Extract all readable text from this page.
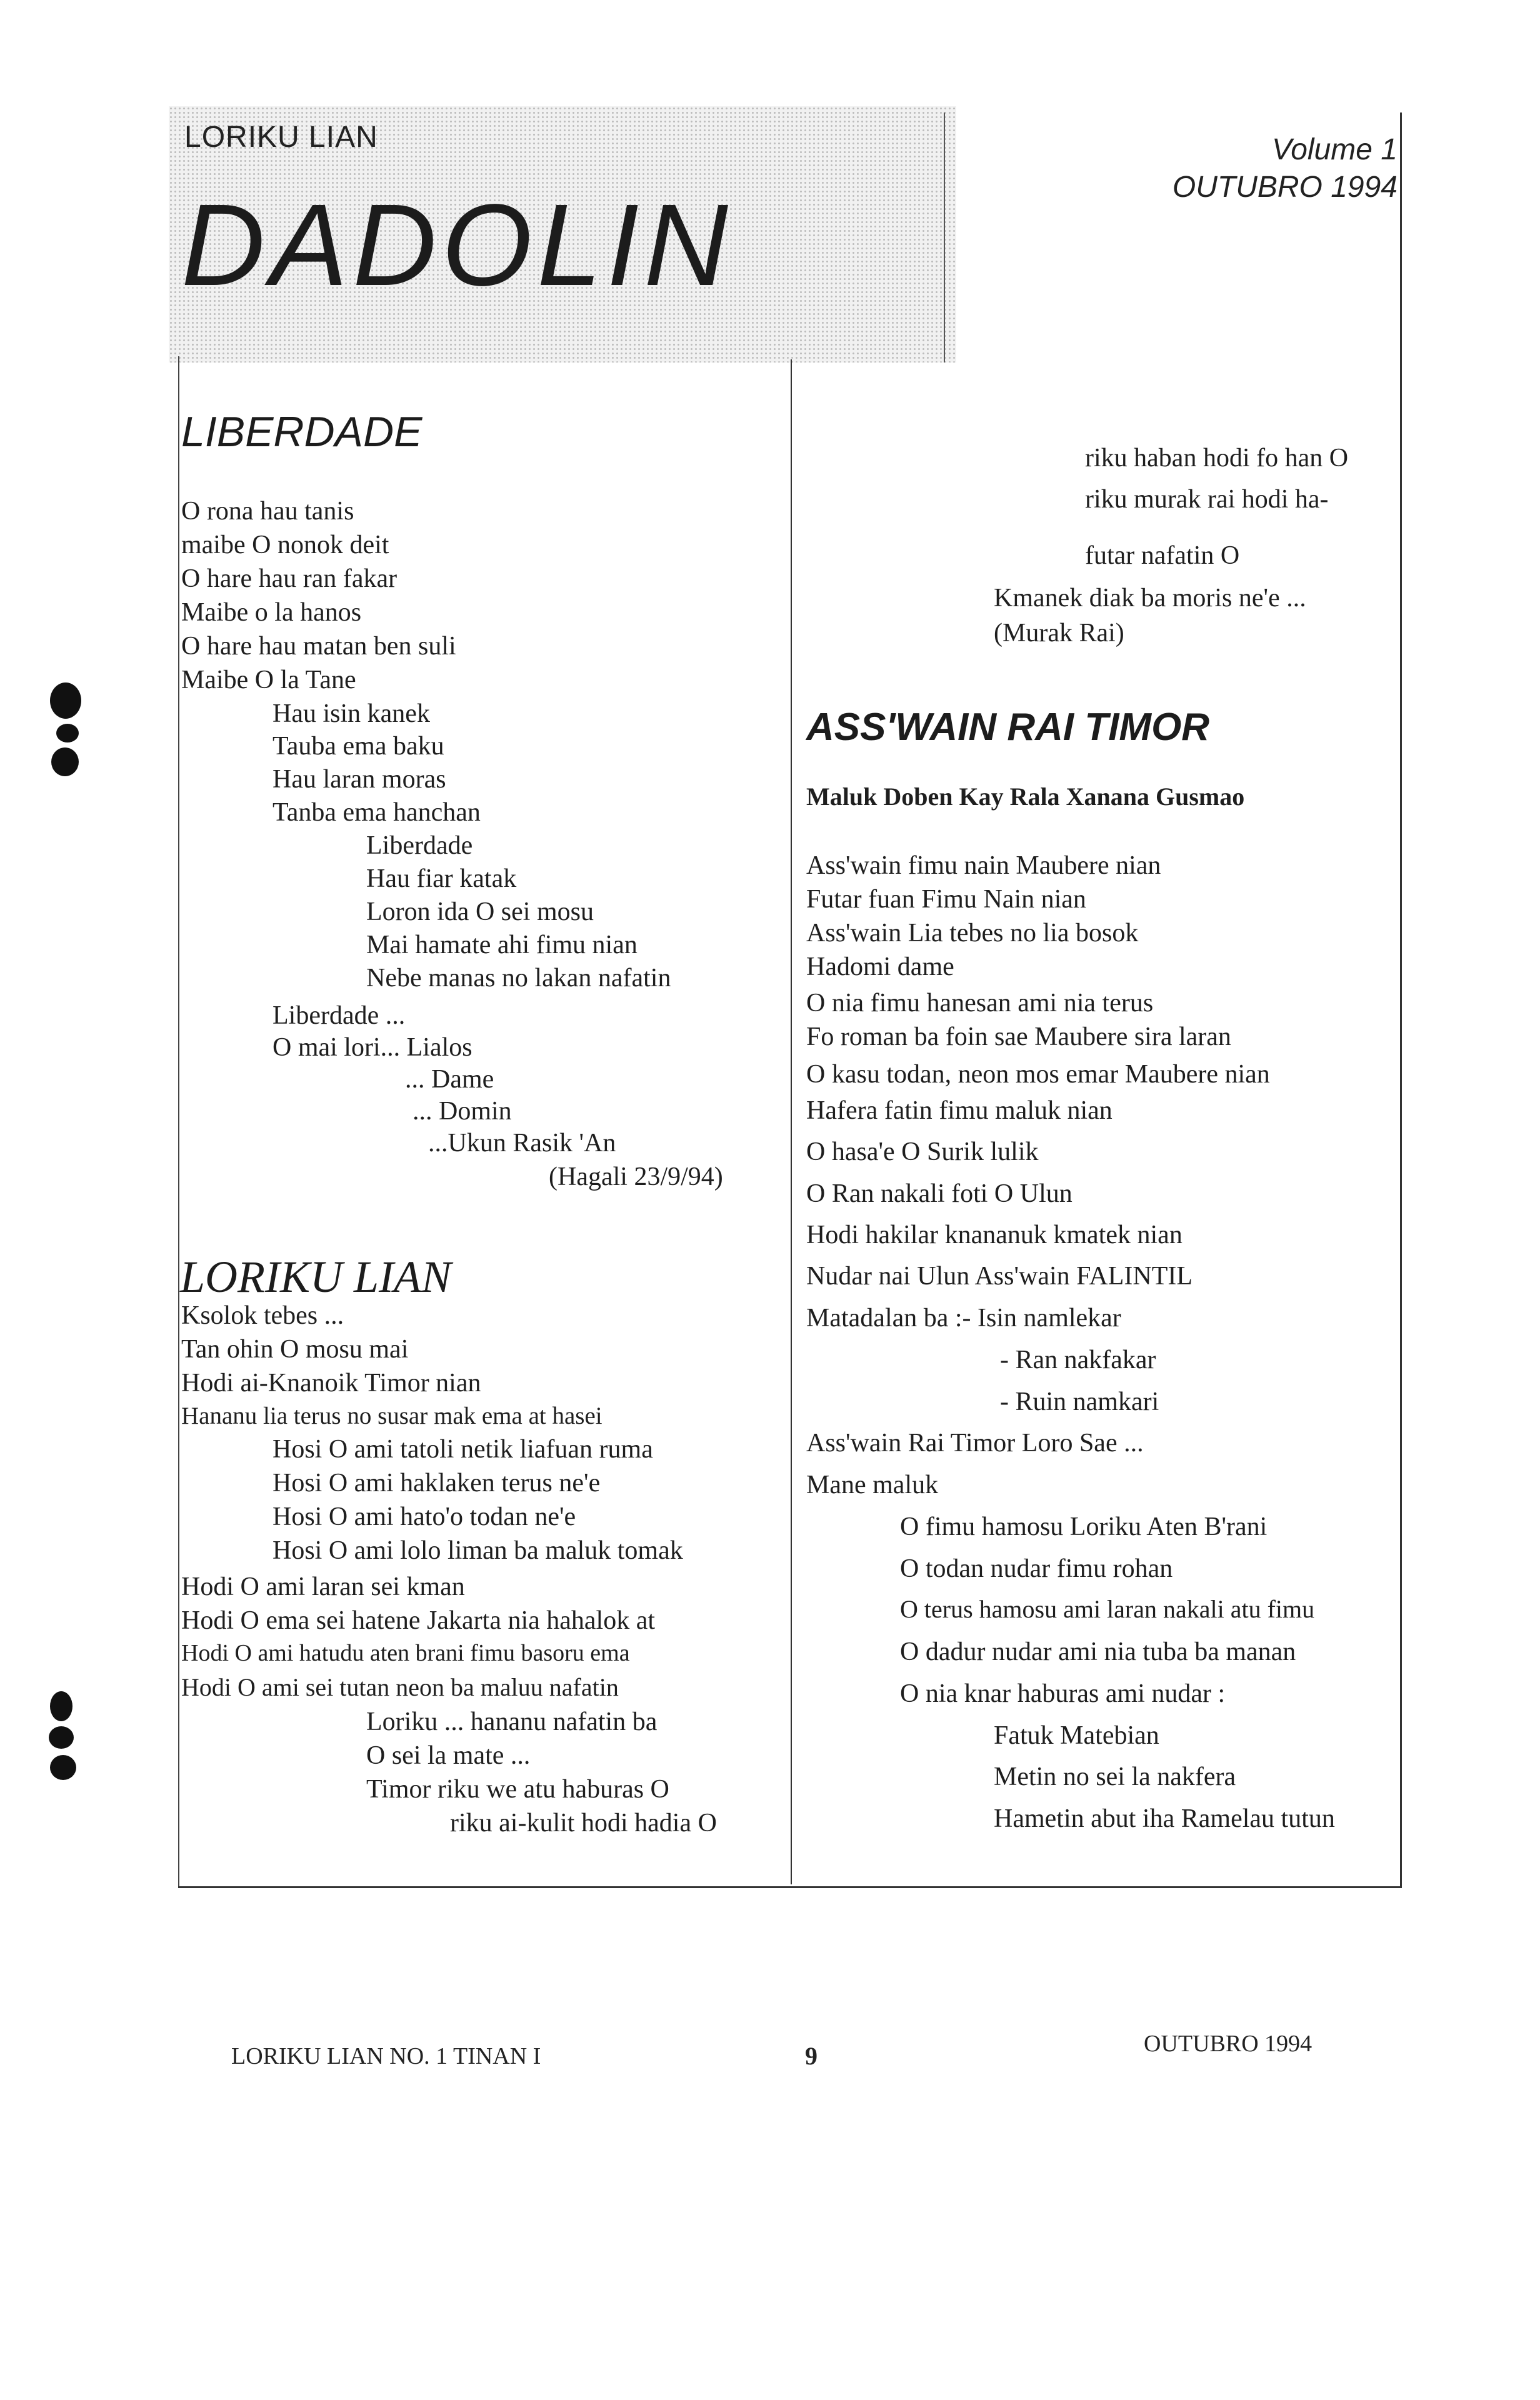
LORIKU LIAN
DADOLIN
Volume 1
OUTUBRO 1994
LIBERDADE
O rona hau tanis
maibe O nonok deit
O hare hau ran fakar
Maibe o la hanos
O hare hau matan ben suli
Maibe O la Tane
Hau isin kanek
Tauba ema baku
Hau laran moras
Tanba ema hanchan
Liberdade
Hau fiar katak
Loron ida O sei mosu
Mai hamate ahi fimu nian
Nebe manas no lakan nafatin
Liberdade ...
O mai lori... Lialos
... Dame
... Domin
...Ukun Rasik 'An
(Hagali 23/9/94)
LORIKU LIAN
Ksolok tebes ...
Tan ohin O mosu mai
Hodi ai-Knanoik Timor nian
Hananu lia terus no susar mak ema at hasei
Hosi O ami tatoli netik liafuan ruma
Hosi O ami haklaken terus ne'e
Hosi O ami hato'o todan ne'e
Hosi O ami lolo liman ba maluk tomak
Hodi O ami laran sei kman
Hodi O ema sei hatene Jakarta nia hahalok at
Hodi O ami hatudu aten brani fimu basoru ema
Hodi O ami sei tutan neon ba maluu nafatin
Loriku ... hananu nafatin ba
O sei la mate ...
Timor riku we atu haburas O
riku ai-kulit hodi hadia O
riku haban hodi fo han O
riku murak rai hodi ha-
futar nafatin O
Kmanek diak ba moris ne'e ...
(Murak Rai)
ASS'WAIN RAI TIMOR
Maluk Doben Kay Rala Xanana Gusmao
Ass'wain fimu nain Maubere nian
Futar fuan Fimu Nain nian
Ass'wain Lia tebes no lia bosok
Hadomi dame
O nia fimu hanesan ami nia terus
Fo roman ba foin sae Maubere sira laran
O kasu todan, neon mos emar Maubere nian
Hafera fatin fimu maluk nian
O hasa'e O Surik lulik
O Ran nakali foti O Ulun
Hodi hakilar knananuk kmatek nian
Nudar nai Ulun Ass'wain FALINTIL
Matadalan ba :- Isin namlekar
- Ran nakfakar
- Ruin namkari
Ass'wain Rai Timor Loro Sae ...
Mane maluk
O fimu hamosu Loriku Aten B'rani
O todan nudar fimu rohan
O terus hamosu ami laran nakali atu fimu
O dadur nudar ami nia tuba ba manan
O nia knar haburas ami nudar :
Fatuk Matebian
Metin no sei la nakfera
Hametin abut iha Ramelau tutun
LORIKU LIAN NO. 1 TINAN I	9	OUTUBRO 1994
